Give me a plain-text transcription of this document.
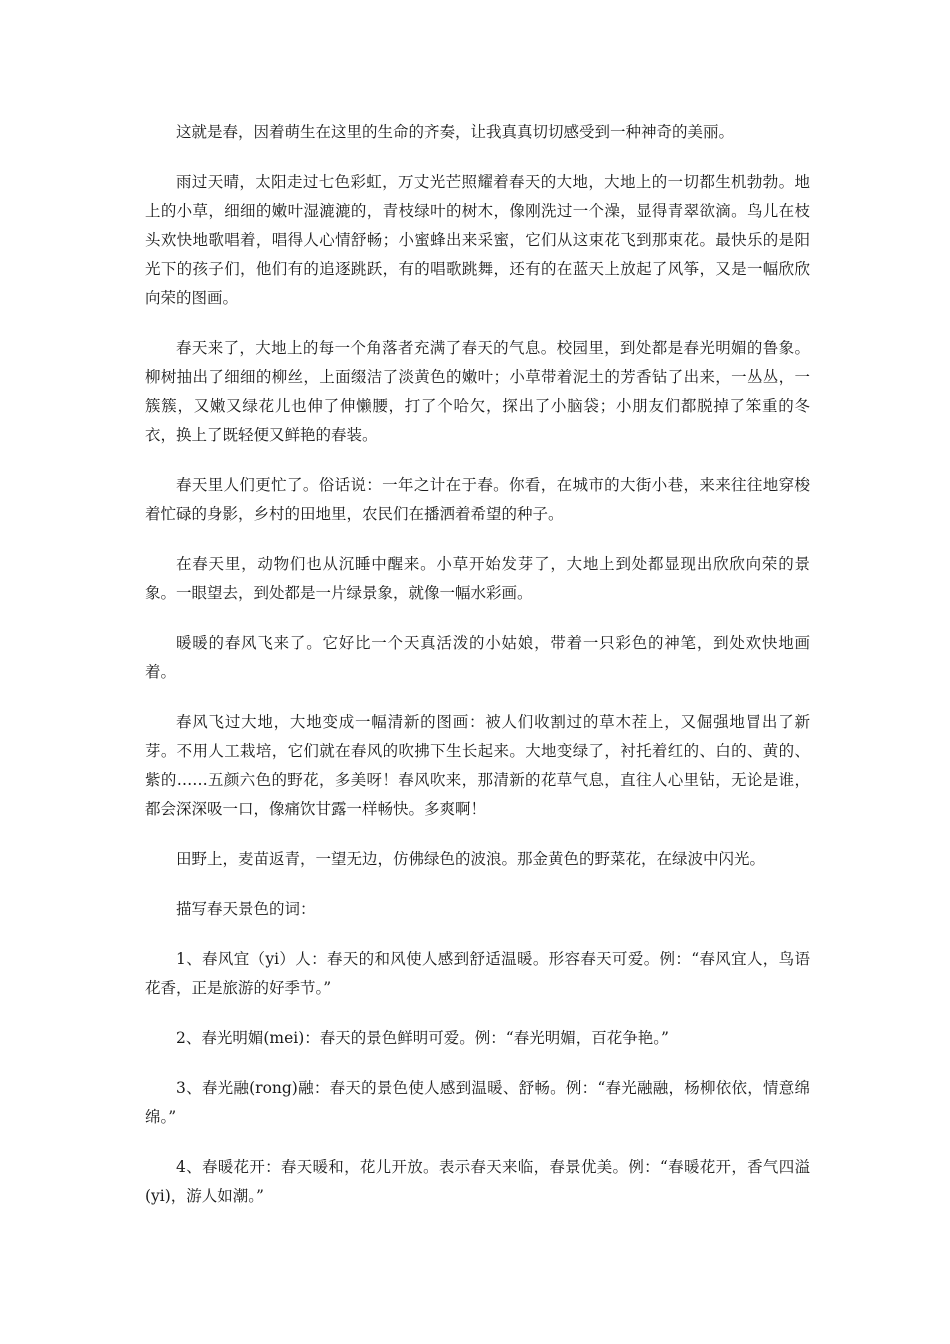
这就是春，因着萌生在这里的生命的齐奏，让我真真切切感受到一种神奇的美丽。

雨过天晴，太阳走过七色彩虹，万丈光芒照耀着春天的大地，大地上的一切都生机勃勃。地上的小草，细细的嫩叶湿漉漉的，青枝绿叶的树木，像刚洗过一个澡，显得青翠欲滴。鸟儿在枝头欢快地歌唱着，唱得人心情舒畅；小蜜蜂出来采蜜，它们从这束花飞到那束花。最快乐的是阳光下的孩子们，他们有的追逐跳跃，有的唱歌跳舞，还有的在蓝天上放起了风筝，又是一幅欣欣向荣的图画。

春天来了，大地上的每一个角落者充满了春天的气息。校园里，到处都是春光明媚的鲁象。柳树抽出了细细的柳丝，上面缀洁了淡黄色的嫩叶；小草带着泥土的芳香钻了出来，一丛丛，一簇簇，又嫩又绿花儿也伸了伸懒腰，打了个哈欠，探出了小脑袋；小朋友们都脱掉了笨重的冬衣，换上了既轻便又鲜艳的春装。

春天里人们更忙了。俗话说：一年之计在于春。你看，在城市的大街小巷，来来往往地穿梭着忙碌的身影，乡村的田地里，农民们在播洒着希望的种子。

在春天里，动物们也从沉睡中醒来。小草开始发芽了，大地上到处都显现出欣欣向荣的景象。一眼望去，到处都是一片绿景象，就像一幅水彩画。

暖暖的春风飞来了。它好比一个天真活泼的小姑娘，带着一只彩色的神笔，到处欢快地画着。

春风飞过大地，大地变成一幅清新的图画：被人们收割过的草木茬上，又倔强地冒出了新芽。不用人工栽培，它们就在春风的吹拂下生长起来。大地变绿了，衬托着红的、白的、黄的、紫的……五颜六色的野花，多美呀！春风吹来，那清新的花草气息，直往人心里钻，无论是谁，都会深深吸一口，像痛饮甘露一样畅快。多爽啊！

田野上，麦苗返青，一望无边，仿佛绿色的波浪。那金黄色的野菜花，在绿波中闪光。

描写春天景色的词：

1、春风宜（yi）人：春天的和风使人感到舒适温暖。形容春天可爱。例：“春风宜人，鸟语花香，正是旅游的好季节。”

2、春光明媚(mei)：春天的景色鲜明可爱。例：“春光明媚，百花争艳。”

3、春光融(rong)融：春天的景色使人感到温暖、舒畅。例：“春光融融，杨柳依依，情意绵绵。”

4、春暖花开：春天暖和，花儿开放。表示春天来临，春景优美。例：“春暖花开，香气四溢(yi)，游人如潮。”
